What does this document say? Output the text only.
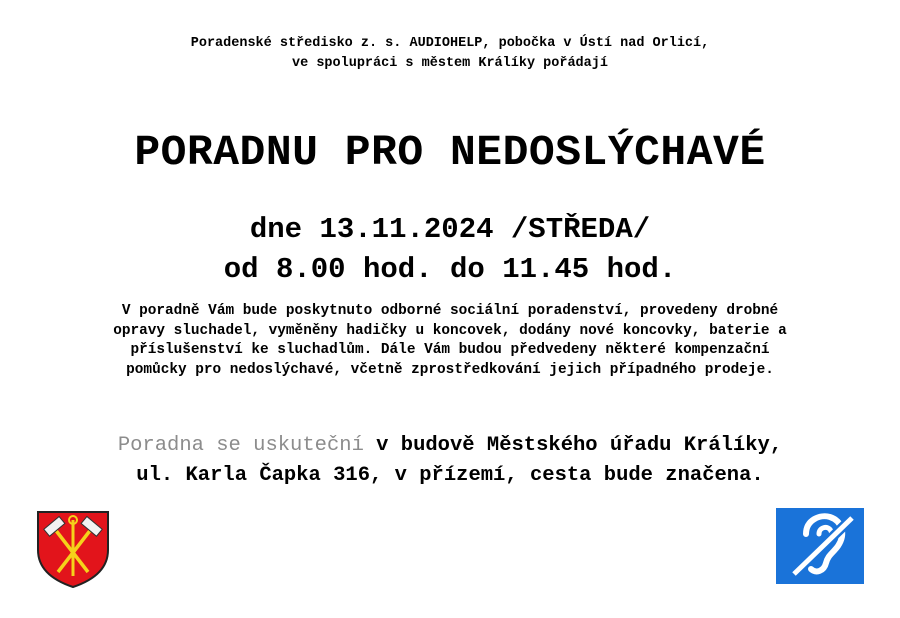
Poradenské středisko z. s. AUDIOHELP, pobočka v Ústí nad Orlicí,
ve spolupráci s městem Králíky pořádají
PORADNU PRO NEDOSLÝCHAVÉ
dne 13.11.2024 /STŘEDA/
od 8.00 hod. do 11.45 hod.
V poradně Vám bude poskytnuto odborné sociální poradenství, provedeny drobné
opravy sluchadel, vyměněny hadičky u koncovek, dodány nové koncovky, baterie a
příslušenství ke sluchadlům. Dále Vám budou předvedeny některé kompenzační
pomůcky pro nedoslýchavé, včetně zprostředkování jejich případného prodeje.
Poradna se uskuteční v budově Městského úřadu Králíky,
ul. Karla Čapka 316, v přízemí, cesta bude značena.
